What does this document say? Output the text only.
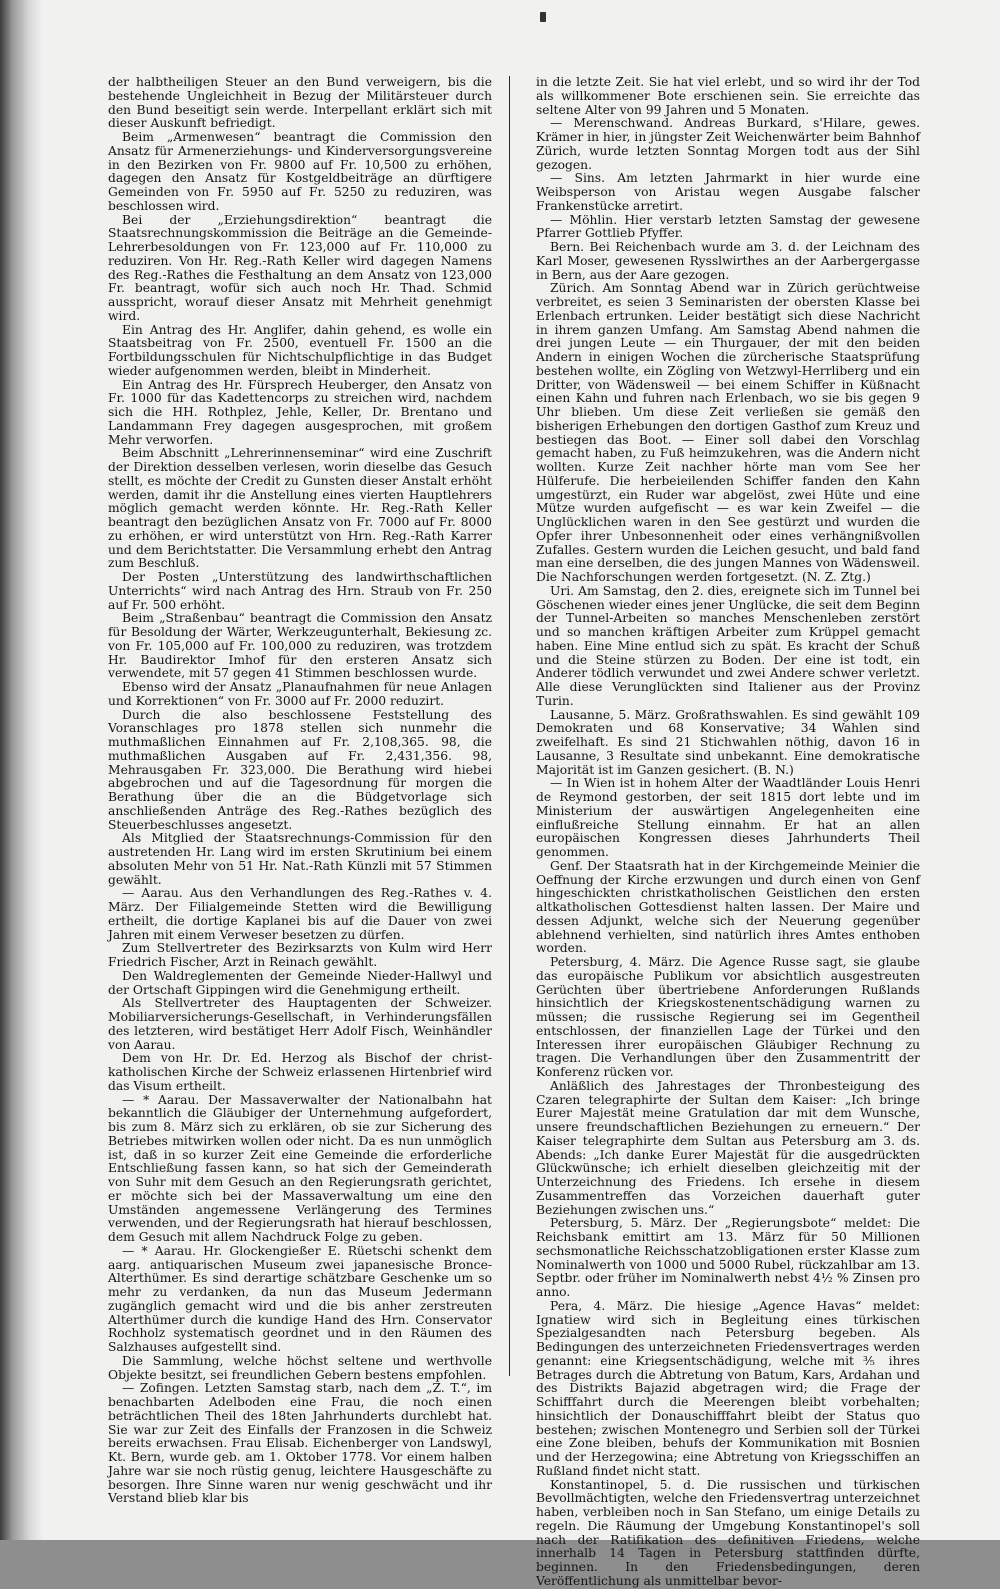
der halbtheiligen Steuer an den Bund verweigern, bis die bestehende Ungleichheit in Bezug der Militärsteuer durch den Bund beseitigt sein werde. Interpellant erklärt sich mit dieser Auskunft befriedigt.

Beim „Armenwesen“ beantragt die Commission den Ansatz für Armenerziehungs- und Kinderversorgungsvereine in den Bezirken von Fr. 9800 auf Fr. 10,500 zu erhöhen, dagegen den Ansatz für Kostgeldbeiträge an dürftigere Gemeinden von Fr. 5950 auf Fr. 5250 zu reduziren, was beschlossen wird.

Bei der „Erziehungsdirektion“ beantragt die Staatsrechnungskommission die Beiträge an die Gemeinde-Lehrerbesoldungen von Fr. 123,000 auf Fr. 110,000 zu reduziren. Von Hr. Reg.-Rath Keller wird dagegen Namens des Reg.-Rathes die Festhaltung an dem Ansatz von 123,000 Fr. beantragt, wofür sich auch noch Hr. Thad. Schmid ausspricht, worauf dieser Ansatz mit Mehrheit genehmigt wird.

Ein Antrag des Hr. Anglifer, dahin gehend, es wolle ein Staatsbeitrag von Fr. 2500, eventuell Fr. 1500 an die Fortbildungsschulen für Nichtschulpflichtige in das Budget wieder aufgenommen werden, bleibt in Minderheit.

Ein Antrag des Hr. Fürsprech Heuberger, den Ansatz von Fr. 1000 für das Kadettencorps zu streichen wird, nachdem sich die HH. Rothplez, Jehle, Keller, Dr. Brentano und Landammann Frey dagegen ausgesprochen, mit großem Mehr verworfen.

Beim Abschnitt „Lehrerinnenseminar“ wird eine Zuschrift der Direktion desselben verlesen, worin dieselbe das Gesuch stellt, es möchte der Credit zu Gunsten dieser Anstalt erhöht werden, damit ihr die Anstellung eines vierten Hauptlehrers möglich gemacht werden könnte. Hr. Reg.-Rath Keller beantragt den bezüglichen Ansatz von Fr. 7000 auf Fr. 8000 zu erhöhen, er wird unterstützt von Hrn. Reg.-Rath Karrer und dem Berichtstatter. Die Versammlung erhebt den Antrag zum Beschluß.

Der Posten „Unterstützung des landwirthschaftlichen Unterrichts“ wird nach Antrag des Hrn. Straub von Fr. 250 auf Fr. 500 erhöht.

Beim „Straßenbau“ beantragt die Commission den Ansatz für Besoldung der Wärter, Werkzeugunterhalt, Bekiesung zc. von Fr. 105,000 auf Fr. 100,000 zu reduziren, was trotzdem Hr. Baudirektor Imhof für den ersteren Ansatz sich verwendete, mit 57 gegen 41 Stimmen beschlossen wurde.

Ebenso wird der Ansatz „Planaufnahmen für neue Anlagen und Korrektionen“ von Fr. 3000 auf Fr. 2000 reduzirt.

Durch die also beschlossene Feststellung des Voranschlages pro 1878 stellen sich nunmehr die muthmaßlichen Einnahmen auf Fr. 2,108,365. 98, die muthmaßlichen Ausgaben auf Fr. 2,431,356. 98, Mehrausgaben Fr. 323,000. Die Berathung wird hiebei abgebrochen und auf die Tagesordnung für morgen die Berathung über die an die Büdgetvorlage sich anschließenden Anträge des Reg.-Rathes bezüglich des Steuerbeschlusses angesetzt.

Als Mitglied der Staatsrechnungs-Commission für den austretenden Hr. Lang wird im ersten Skrutinium bei einem absoluten Mehr von 51 Hr. Nat.-Rath Künzli mit 57 Stimmen gewählt.

— Aarau. Aus den Verhandlungen des Reg.-Rathes v. 4. März. Der Filialgemeinde Stetten wird die Bewilligung ertheilt, die dortige Kaplanei bis auf die Dauer von zwei Jahren mit einem Verweser besetzen zu dürfen.

Zum Stellvertreter des Bezirksarzts von Kulm wird Herr Friedrich Fischer, Arzt in Reinach gewählt.

Den Waldreglementen der Gemeinde Nieder-Hallwyl und der Ortschaft Gippingen wird die Genehmigung ertheilt.

Als Stellvertreter des Hauptagenten der Schweizer. Mobiliarversicherungs-Gesellschaft, in Verhinderungsfällen des letzteren, wird bestätiget Herr Adolf Fisch, Weinhändler von Aarau.

Dem von Hr. Dr. Ed. Herzog als Bischof der christ-katholischen Kirche der Schweiz erlassenen Hirtenbrief wird das Visum ertheilt.

— * Aarau. Der Massaverwalter der Nationalbahn hat bekanntlich die Gläubiger der Unternehmung aufgefordert, bis zum 8. März sich zu erklären, ob sie zur Sicherung des Betriebes mitwirken wollen oder nicht. Da es nun unmöglich ist, daß in so kurzer Zeit eine Gemeinde die erforderliche Entschließung fassen kann, so hat sich der Gemeinderath von Suhr mit dem Gesuch an den Regierungsrath gerichtet, er möchte sich bei der Massaverwaltung um eine den Umständen angemessene Verlängerung des Termines verwenden, und der Regierungsrath hat hierauf beschlossen, dem Gesuch mit allem Nachdruck Folge zu geben.

— * Aarau. Hr. Glockengießer E. Rüetschi schenkt dem aarg. antiquarischen Museum zwei japanesische Bronce-Alterthümer. Es sind derartige schätzbare Geschenke um so mehr zu verdanken, da nun das Museum Jedermann zugänglich gemacht wird und die bis anher zerstreuten Alterthümer durch die kundige Hand des Hrn. Conservator Rochholz systematisch geordnet und in den Räumen des Salzhauses aufgestellt sind.

Die Sammlung, welche höchst seltene und werthvolle Objekte besitzt, sei freundlichen Gebern bestens empfohlen.

— Zofingen. Letzten Samstag starb, nach dem „Z. T.“, im benachbarten Adelboden eine Frau, die noch einen beträchtlichen Theil des 18ten Jahrhunderts durchlebt hat. Sie war zur Zeit des Einfalls der Franzosen in die Schweiz bereits erwachsen. Frau Elisab. Eichenberger von Landswyl, Kt. Bern, wurde geb. am 1. Oktober 1778. Vor einem halben Jahre war sie noch rüstig genug, leichtere Hausgeschäfte zu besorgen. Ihre Sinne waren nur wenig geschwächt und ihr Verstand blieb klar bis

in die letzte Zeit. Sie hat viel erlebt, und so wird ihr der Tod als willkommener Bote erschienen sein. Sie erreichte das seltene Alter von 99 Jahren und 5 Monaten.

— Merenschwand. Andreas Burkard, s'Hilare, gewes. Krämer in hier, in jüngster Zeit Weichenwärter beim Bahnhof Zürich, wurde letzten Sonntag Morgen todt aus der Sihl gezogen.

— Sins. Am letzten Jahrmarkt in hier wurde eine Weibsperson von Aristau wegen Ausgabe falscher Frankenstücke arretirt.

— Möhlin. Hier verstarb letzten Samstag der gewesene Pfarrer Gottlieb Pfyffer.

Bern. Bei Reichenbach wurde am 3. d. der Leichnam des Karl Moser, gewesenen Rysslwirthes an der Aarbergergasse in Bern, aus der Aare gezogen.

Zürich. Am Sonntag Abend war in Zürich gerüchtweise verbreitet, es seien 3 Seminaristen der obersten Klasse bei Erlenbach ertrunken. Leider bestätigt sich diese Nachricht in ihrem ganzen Umfang. Am Samstag Abend nahmen die drei jungen Leute — ein Thurgauer, der mit den beiden Andern in einigen Wochen die zürcherische Staatsprüfung bestehen wollte, ein Zögling von Wetzwyl-Herrliberg und ein Dritter, von Wädensweil — bei einem Schiffer in Küßnacht einen Kahn und fuhren nach Erlenbach, wo sie bis gegen 9 Uhr blieben. Um diese Zeit verließen sie gemäß den bisherigen Erhebungen den dortigen Gasthof zum Kreuz und bestiegen das Boot. — Einer soll dabei den Vorschlag gemacht haben, zu Fuß heimzukehren, was die Andern nicht wollten. Kurze Zeit nachher hörte man vom See her Hülferufe. Die herbeieilenden Schiffer fanden den Kahn umgestürzt, ein Ruder war abgelöst, zwei Hüte und eine Mütze wurden aufgefischt — es war kein Zweifel — die Unglücklichen waren in den See gestürzt und wurden die Opfer ihrer Unbesonnenheit oder eines verhängnißvollen Zufalles. Gestern wurden die Leichen gesucht, und bald fand man eine derselben, die des jungen Mannes von Wädensweil. Die Nachforschungen werden fortgesetzt. (N. Z. Ztg.)

Uri. Am Samstag, den 2. dies, ereignete sich im Tunnel bei Göschenen wieder eines jener Unglücke, die seit dem Beginn der Tunnel-Arbeiten so manches Menschenleben zerstört und so manchen kräftigen Arbeiter zum Krüppel gemacht haben. Eine Mine entlud sich zu spät. Es kracht der Schuß und die Steine stürzen zu Boden. Der eine ist todt, ein Anderer tödlich verwundet und zwei Andere schwer verletzt. Alle diese Verunglückten sind Italiener aus der Provinz Turin.

Lausanne, 5. März. Großrathswahlen. Es sind gewählt 109 Demokraten und 68 Konservative; 34 Wahlen sind zweifelhaft. Es sind 21 Stichwahlen nöthig, davon 16 in Lausanne, 3 Resultate sind unbekannt. Eine demokratische Majorität ist im Ganzen gesichert. (B. N.)

— In Wien ist in hohem Alter der Waadtländer Louis Henri de Reymond gestorben, der seit 1815 dort lebte und im Ministerium der auswärtigen Angelegenheiten eine einflußreiche Stellung einnahm. Er hat an allen europäischen Kongressen dieses Jahrhunderts Theil genommen.

Genf. Der Staatsrath hat in der Kirchgemeinde Meinier die Oeffnung der Kirche erzwungen und durch einen von Genf hingeschickten christkatholischen Geistlichen den ersten altkatholischen Gottesdienst halten lassen. Der Maire und dessen Adjunkt, welche sich der Neuerung gegenüber ablehnend verhielten, sind natürlich ihres Amtes enthoben worden.

Petersburg, 4. März. Die Agence Russe sagt, sie glaube das europäische Publikum vor absichtlich ausgestreuten Gerüchten über übertriebene Anforderungen Rußlands hinsichtlich der Kriegskostenentschädigung warnen zu müssen; die russische Regierung sei im Gegentheil entschlossen, der finanziellen Lage der Türkei und den Interessen ihrer europäischen Gläubiger Rechnung zu tragen. Die Verhandlungen über den Zusammentritt der Konferenz rücken vor.

Anläßlich des Jahrestages der Thronbesteigung des Czaren telegraphirte der Sultan dem Kaiser: „Ich bringe Eurer Majestät meine Gratulation dar mit dem Wunsche, unsere freundschaftlichen Beziehungen zu erneuern.“ Der Kaiser telegraphirte dem Sultan aus Petersburg am 3. ds. Abends: „Ich danke Eurer Majestät für die ausgedrückten Glückwünsche; ich erhielt dieselben gleichzeitig mit der Unterzeichnung des Friedens. Ich ersehe in diesem Zusammentreffen das Vorzeichen dauerhaft guter Beziehungen zwischen uns.“

Petersburg, 5. März. Der „Regierungsbote“ meldet: Die Reichsbank emittirt am 13. März für 50 Millionen sechsmonatliche Reichsschatzobligationen erster Klasse zum Nominalwerth von 1000 und 5000 Rubel, rückzahlbar am 13. Septbr. oder früher im Nominalwerth nebst 4½ % Zinsen pro anno.

Pera, 4. März. Die hiesige „Agence Havas“ meldet: Ignatiew wird sich in Begleitung eines türkischen Spezialgesandten nach Petersburg begeben. Als Bedingungen des unterzeichneten Friedensvertrages werden genannt: eine Kriegsentschädigung, welche mit ⅗ ihres Betrages durch die Abtretung von Batum, Kars, Ardahan und des Distrikts Bajazid abgetragen wird; die Frage der Schifffahrt durch die Meerengen bleibt vorbehalten; hinsichtlich der Donauschifffahrt bleibt der Status quo bestehen; zwischen Montenegro und Serbien soll der Türkei eine Zone bleiben, behufs der Kommunikation mit Bosnien und der Herzegowina; eine Abtretung von Kriegsschiffen an Rußland findet nicht statt.

Konstantinopel, 5. d. Die russischen und türkischen Bevollmächtigten, welche den Friedensvertrag unterzeichnet haben, verbleiben noch in San Stefano, um einige Details zu regeln. Die Räumung der Umgebung Konstantinopel's soll nach der Ratifikation des definitiven Friedens, welche innerhalb 14 Tagen in Petersburg stattfinden dürfte, beginnen. In den Friedensbedingungen, deren Veröffentlichung als unmittelbar bevor-
